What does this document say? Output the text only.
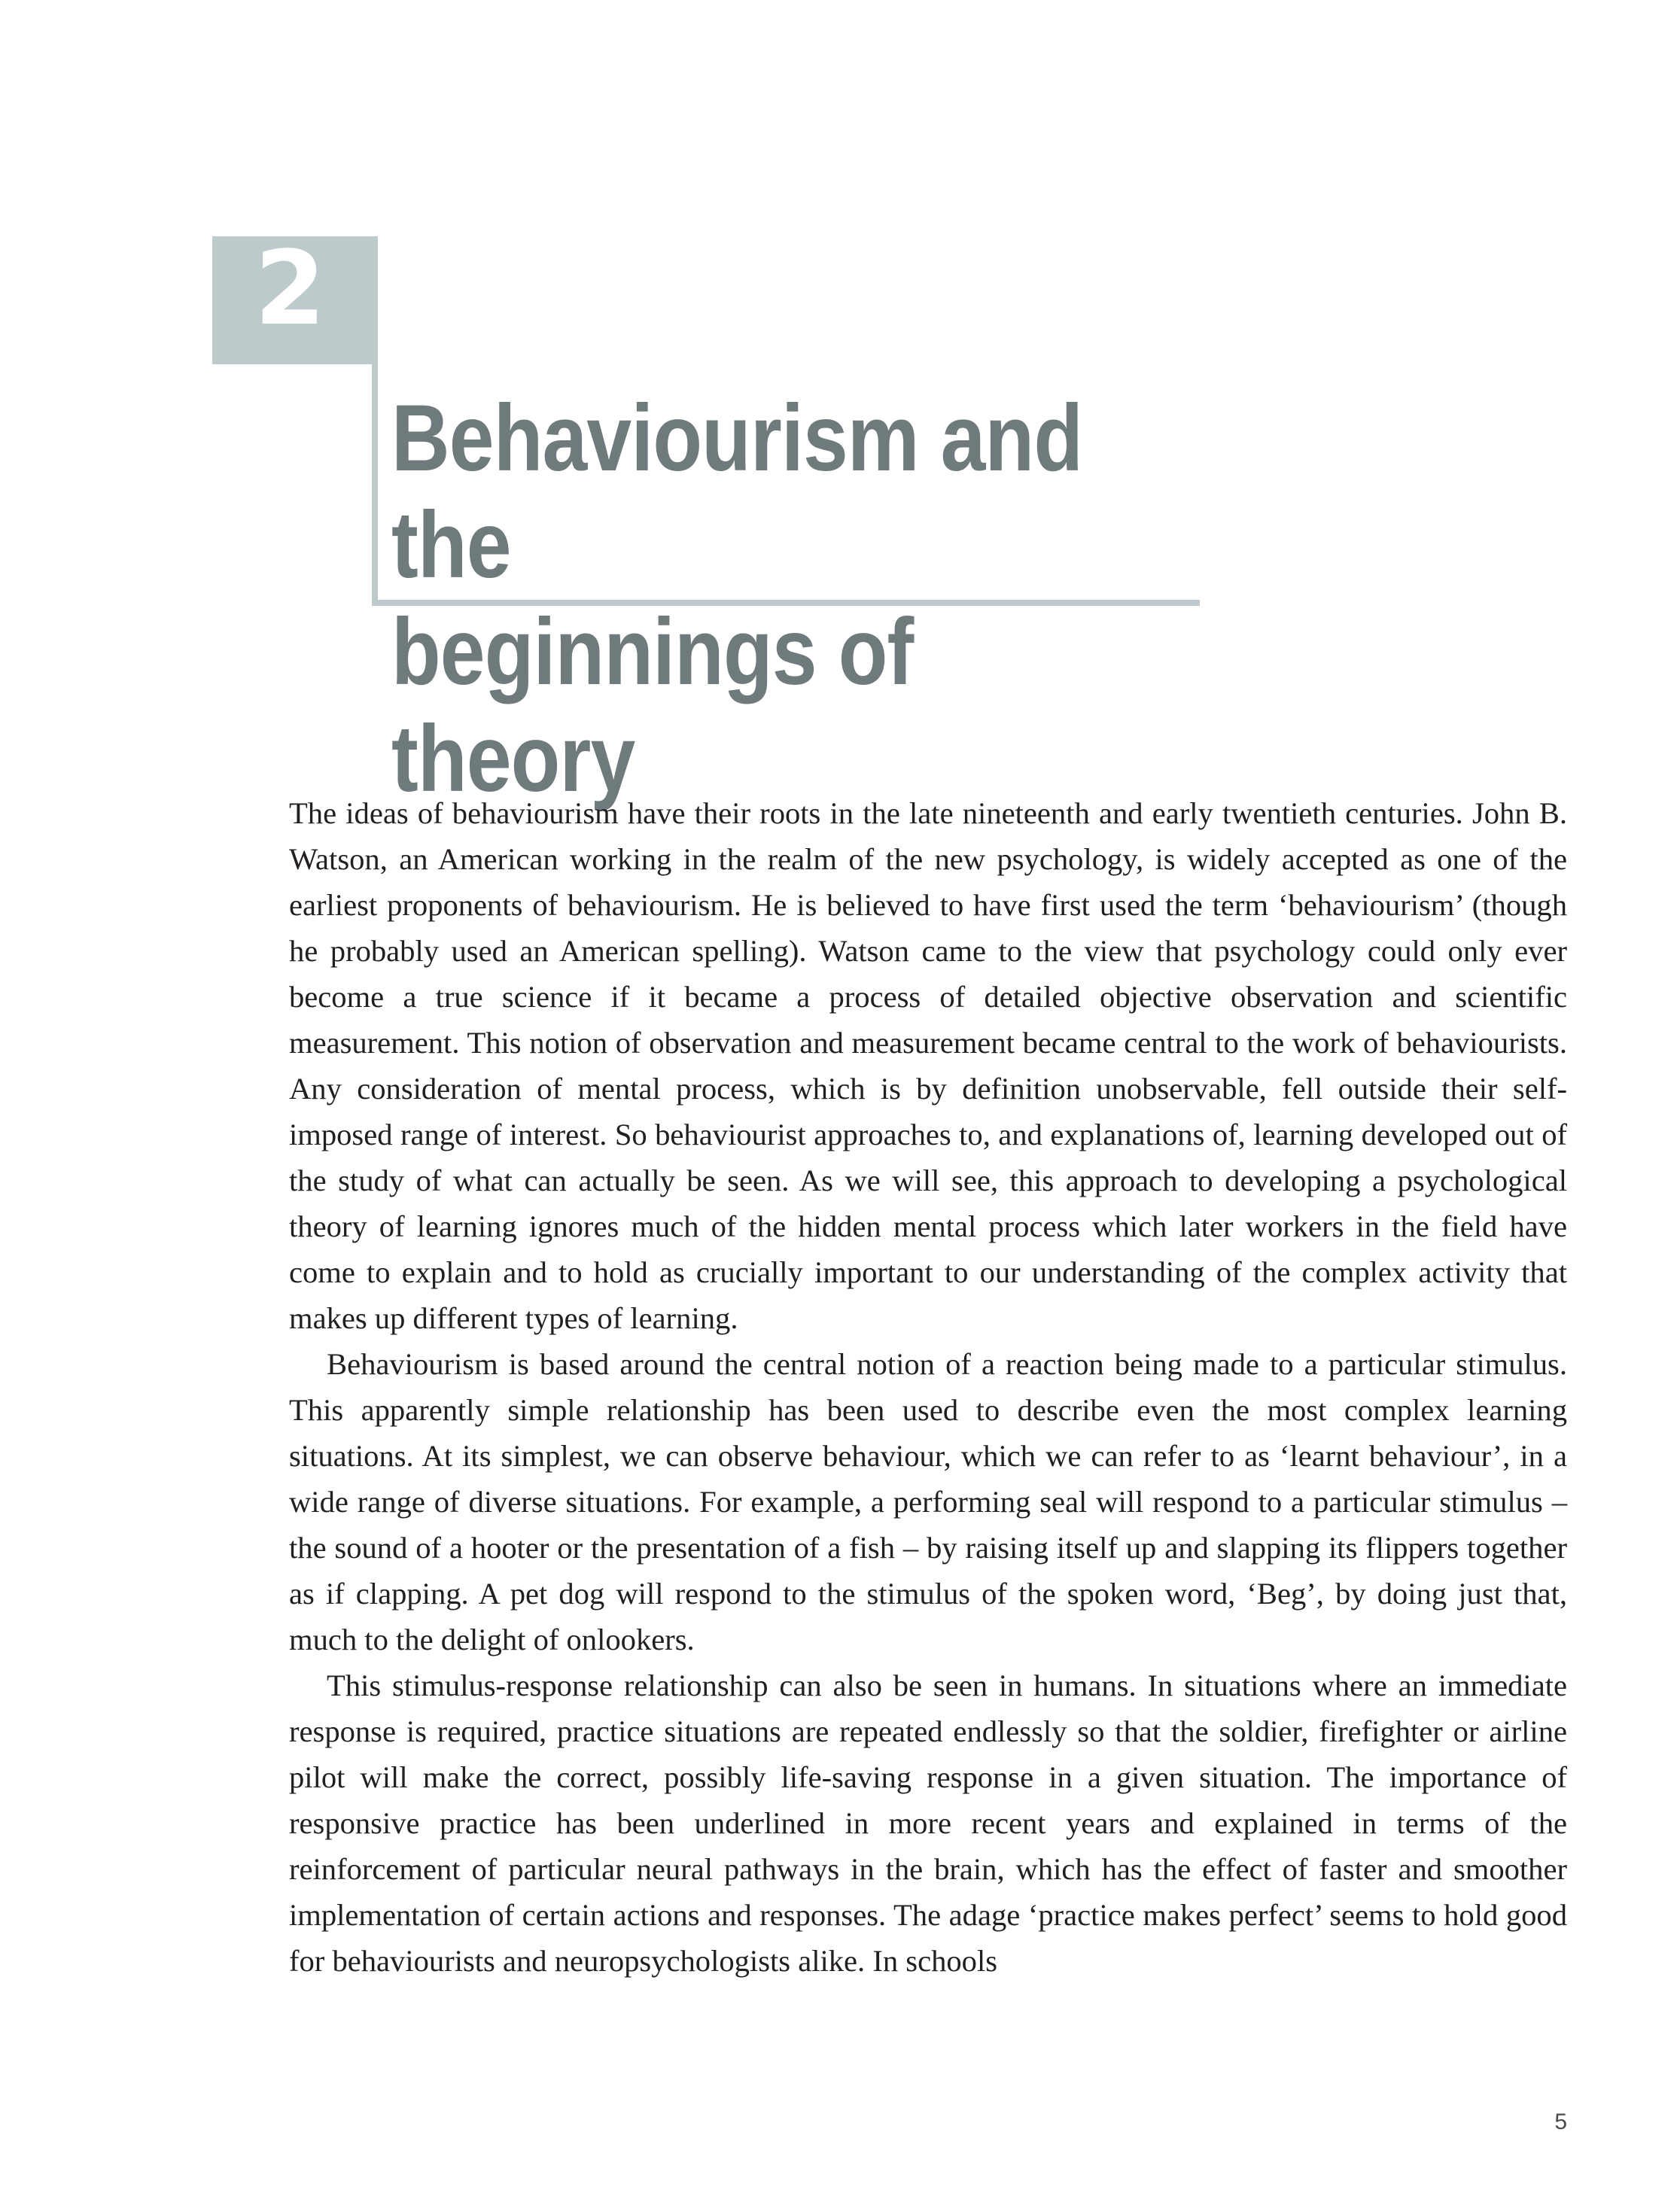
2
Behaviourism and the
beginnings of theory

The ideas of behaviourism have their roots in the late nineteenth and early twentieth centuries. John B. Watson, an American working in the realm of the new psychology, is widely accepted as one of the earliest proponents of behaviourism. He is believed to have first used the term ‘behaviourism’ (though he probably used an American spelling). Watson came to the view that psychology could only ever become a true science if it became a process of detailed objective observation and scientific measurement. This notion of observation and measurement became central to the work of behaviourists. Any consideration of mental process, which is by definition unobservable, fell outside their self-imposed range of interest. So behaviourist approaches to, and explanations of, learning developed out of the study of what can actually be seen. As we will see, this approach to developing a psychological theory of learning ignores much of the hidden mental process which later workers in the field have come to explain and to hold as crucially important to our understanding of the complex activity that makes up different types of learning.

Behaviourism is based around the central notion of a reaction being made to a particular stimulus. This apparently simple relationship has been used to describe even the most complex learning situations. At its simplest, we can observe behaviour, which we can refer to as ‘learnt behaviour’, in a wide range of diverse situations. For example, a performing seal will respond to a particular stimulus – the sound of a hooter or the presentation of a fish – by raising itself up and slapping its flippers together as if clapping. A pet dog will respond to the stimulus of the spoken word, ‘Beg’, by doing just that, much to the delight of onlookers.

This stimulus-response relationship can also be seen in humans. In situations where an immediate response is required, practice situations are repeated endlessly so that the soldier, firefighter or airline pilot will make the correct, possibly life-saving response in a given situation. The importance of responsive practice has been underlined in more recent years and explained in terms of the reinforcement of particular neural pathways in the brain, which has the effect of faster and smoother implementation of certain actions and responses. The adage ‘practice makes perfect’ seems to hold good for behaviourists and neuropsychologists alike. In schools

5
